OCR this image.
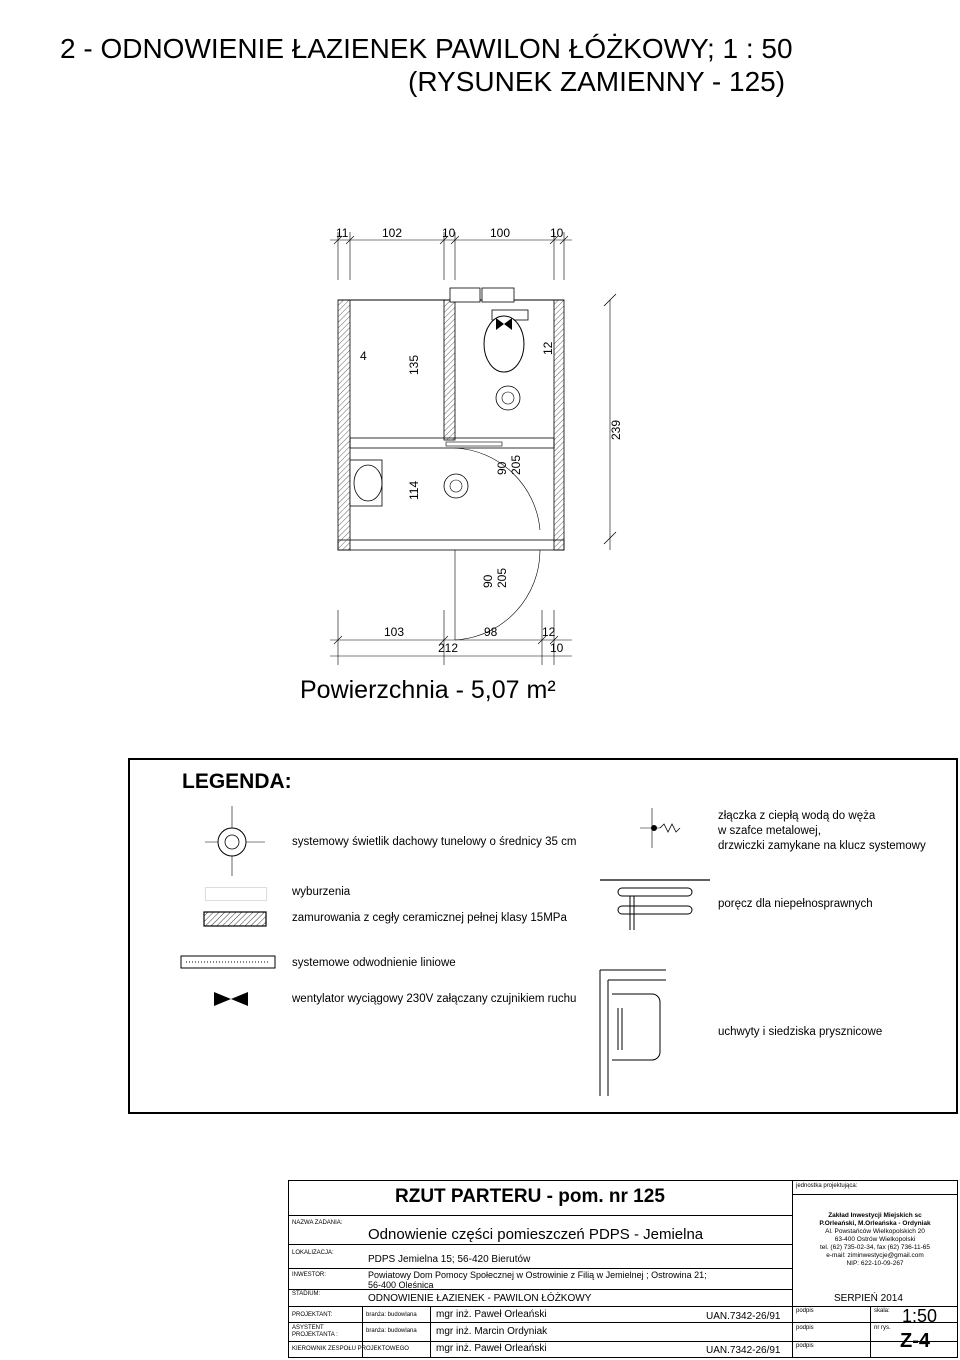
2 - ODNOWIENIE ŁAZIENEK PAWILON ŁÓŻKOWY; 1 : 50
(RYSUNEK ZAMIENNY - 125)
11	102	10	100	10
239
12
4	135
114
90 205
90 205
103	98	12
212	10
Powierzchnia - 5,07 m²
LEGENDA:
systemowy świetlik dachowy tunelowy o średnicy 35 cm
złączka z ciepłą wodą do węża
w szafce metalowej,
drzwiczki zamykane na klucz systemowy
wyburzenia
zamurowania z cegły ceramicznej pełnej klasy 15MPa
poręcz dla niepełnosprawnych
systemowe odwodnienie liniowe
wentylator wyciągowy 230V załączany czujnikiem ruchu
uchwyty i siedziska prysznicowe
jednostka projektująca:
RZUT PARTERU - pom. nr 125
NAZWA ZADANIA:
Odnowienie części pomieszczeń PDPS - Jemielna
LOKALIZACJA:
PDPS Jemielna 15; 56-420 Bierutów
INWESTOR:	Powiatowy Dom Pomocy Społecznej w Ostrowinie z Filią w Jemielnej ; Ostrowina 21;
56-400 Oleśnica
STADIUM:	ODNOWIENIE ŁAZIENEK - PAWILON ŁÓŻKOWY	SERPIEŃ 2014
PROJEKTANT:	branża: budowlana mgr inż. Paweł Orleański	UAN.7342-26/91	podpis	skala: 1:50
ASYSTENT
PROJEKTANTA :
branża: budowlana mgr inż. Marcin Ordyniak	podpis	nr rys.
Z-4
KIEROWNIK ZESPOŁU PROJEKTOWEGO	mgr inż. Paweł Orleański	UAN.7342-26/91	podpis
Zakład Inwestycji Miejskich sc
P.Orleański, M.Orleańska - Ordyniak
Al. Powstańców Wielkopolskich 20
63-400 Ostrów Wielkopolski
tel. (62) 735-02-34, fax (62) 736-11-65
e-mail: ziminwestycje@gmail.com
NIP: 622-10-09-267
